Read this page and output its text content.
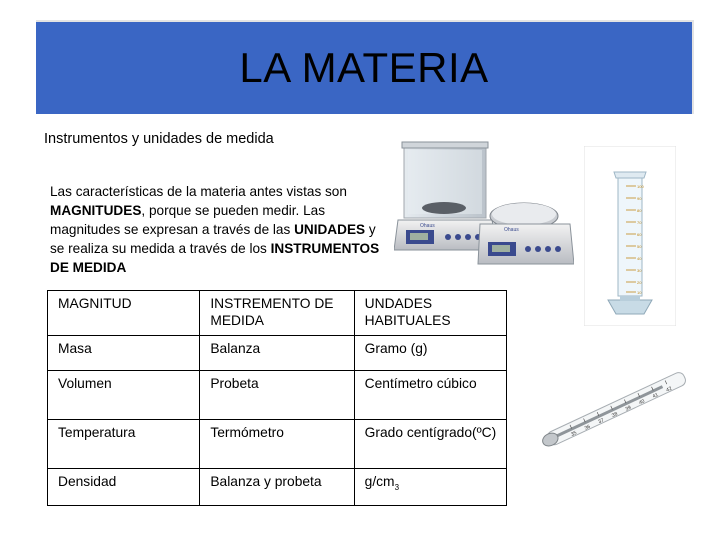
LA MATERIA
Instrumentos y unidades de medida
Las características de la materia antes vistas son MAGNITUDES, porque se pueden medir. Las magnitudes se expresan a través de las UNIDADES y se realiza su medida a través de los INSTRUMENTOS DE MEDIDA
MAGNITUD	INSTREMENTO DE MEDIDA	UNDADES HABITUALES
Masa	Balanza	Gramo (g)
Volumen	Probeta	Centímetro cúbico
Temperatura	Termómetro	Grado centígrado(ºC)
Densidad	Balanza y probeta	$g/cm_3$
Ohaus
Ohaus
100
90
80
70
60
50
40
30
20
10
35
36
37
38
39
40
41
42
